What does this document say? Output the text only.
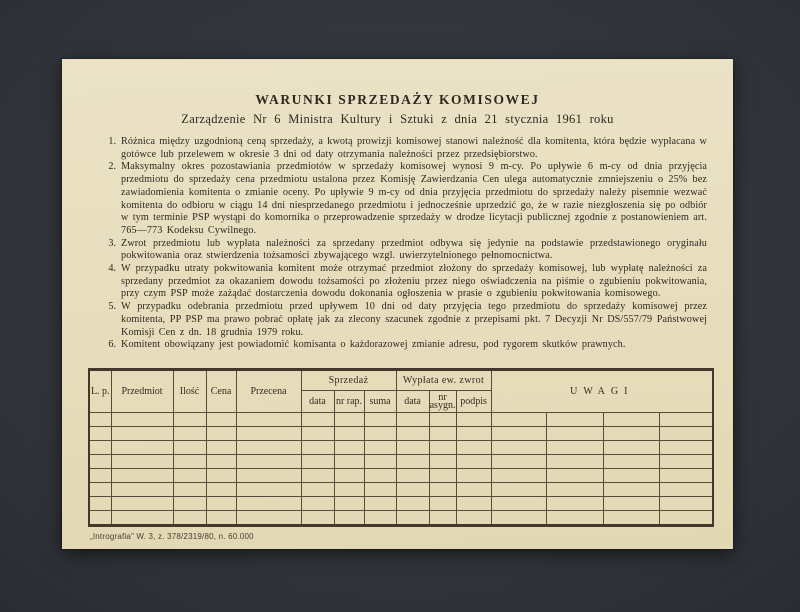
WARUNKI SPRZEDAŻY KOMISOWEJ
Zarządzenie Nr 6 Ministra Kultury i Sztuki z dnia 21 stycznia 1961 roku
1. Różnica między uzgodnioną ceną sprzedaży, a kwotą prowizji komisowej stanowi należność dla komitenta, która będzie wypłacana w gotówce lub przelewem w okresie 3 dni od daty otrzymania należności przez przedsiębiorstwo.
2. Maksymalny okres pozostawiania przedmiotów w sprzedaży komisowej wynosi 9 m-cy. Po upływie 6 m-cy od dnia przyjęcia przedmiotu do sprzedaży cena przedmiotu ustalona przez Komisję Zawierdzania Cen ulega automatycznie zmniejszeniu o 25% bez zawiadomienia komitenta o zmianie oceny. Po upływie 9 m-cy od dnia przyjęcia przedmiotu do sprzedaży należy pisemnie wezwać komitenta do odbioru w ciągu 14 dni niesprzedanego przedmiotu i jednocześnie uprzedzić go, że w razie niezgłoszenia się po odbiór w tym terminie PSP wystąpi do komornika o przeprowadzenie sprzedaży w drodze licytacji publicznej zgodnie z postanowieniem art. 765—773 Kodeksu Cywilnego.
3. Zwrot przedmiotu lub wypłata należności za sprzedany przedmiot odbywa się jedynie na podstawie przedstawionego oryginału pokwitowania oraz stwierdzenia tożsamości zbywającego wzgl. uwierzytelnionego pełnomocnictwa.
4. W przypadku utraty pokwitowania komitent może otrzymać przedmiot złożony do sprzedaży komisowej, lub wypłatę należności za sprzedany przedmiot za okazaniem dowodu tożsamości po złożeniu przez niego oświadczenia na piśmie o zgubieniu pokwitowania, przy czym PSP może zażądać dostarczenia dowodu dokonania ogłoszenia w prasie o zgubieniu pokwitowania komisowego.
5. W przypadku odebrania przedmiotu przed upływem 10 dni od daty przyjęcia tego przedmiotu do sprzedaży komisowej przez komitenta, PP PSP ma prawo pobrać opłatę jak za zlecony szacunek zgodnie z przepisami pkt. 7 Decyzji Nr DS/557/79 Państwowej Komisji Cen z dn. 18 grudnia 1979 roku.
6. Komitent obowiązany jest powiadomić komisanta o każdorazowej zmianie adresu, pod rygorem skutków prawnych.
L. p.	Przedmiot	Ilość	Cena	Przecena	Sprzedaż			Wypłata ew. zwrot			UWAGI			
					data	nr rap.	suma	data	nr asygn.	podpis				

„Intrografia” W. 3, z. 378/2319/80, n. 60.000
